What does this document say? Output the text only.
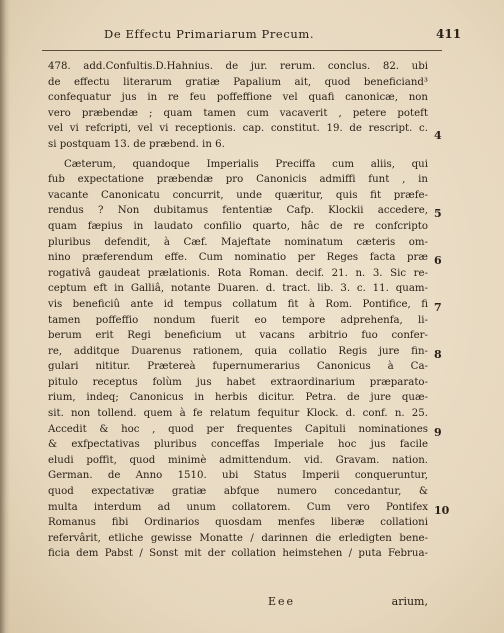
De Effectu Primariarum Precum.	411
478. add.Confultis.D.Hahnius. de jur. rerum. conclus. 82. ubi
de effectu literarum gratiæ Papalium ait, quod beneficiand³
confequatur jus in re feu poffeffione vel quafi canonicæ, non
vero præbendæ ; quam tamen cum vacaverit , petere poteft
vel vi refcripti, vel vi receptionis. cap. constitut. 19. de rescript. c.
si postquam 13. de præbend. in 6.
Cæterum, quandoque Imperialis Preciffa cum aliis, qui
fub expectatione præbendæ pro Canonicis admiffi funt , in
vacante Canonicatu concurrit, unde quæritur, quis fit præfe-
rendus ? Non dubitamus fententiæ Cafp. Klockii accedere,
quam fæpius in laudato confilio quarto, hâc de re confcripto
pluribus defendit, à Cæf. Majeftate nominatum cæteris om-
nino præferendum effe. Cum nominatio per Reges facta præ
rogativâ gaudeat prælationis. Rota Roman. decif. 21. n. 3. Sic re-
ceptum eft in Galliâ, notante Duaren. d. tract. lib. 3. c. 11. quam-
vis beneficiû ante id tempus collatum fit à Rom. Pontifice, fi
tamen poffeffio nondum fuerit eo tempore adprehenfa, li-
berum erit Regi beneficium ut vacans arbitrio fuo confer-
re, additque Duarenus rationem, quia collatio Regis jure fin-
gulari nititur. Prætereà fupernumerarius Canonicus à Ca-
pitulo receptus folùm jus habet extraordinarium præparato-
rium, indeq; Canonicus in herbis dicitur. Petra. de jure quæ-
sit. non tollend. quem à fe relatum fequitur Klock. d. conf. n. 25.
Accedit & hoc , quod per frequentes Capituli nominationes
& exfpectativas pluribus conceffas Imperiale hoc jus facile
eludi poffit, quod minimè admittendum. vid. Gravam. nation.
German. de Anno 1510. ubi Status Imperii conqueruntur,
quod expectativæ gratiæ abfque numero concedantur, &
multa interdum ad unum collatorem. Cum vero Pontifex
Romanus fibi Ordinarios quosdam menfes liberæ collationi
refervârit, etliche gewisse Monatte / darinnen die erledigten bene-
ficia dem Pabst / Sonst mit der collation heimstehen / puta Februa-
4
5
6
7
8
9
10
Eee	arium,
